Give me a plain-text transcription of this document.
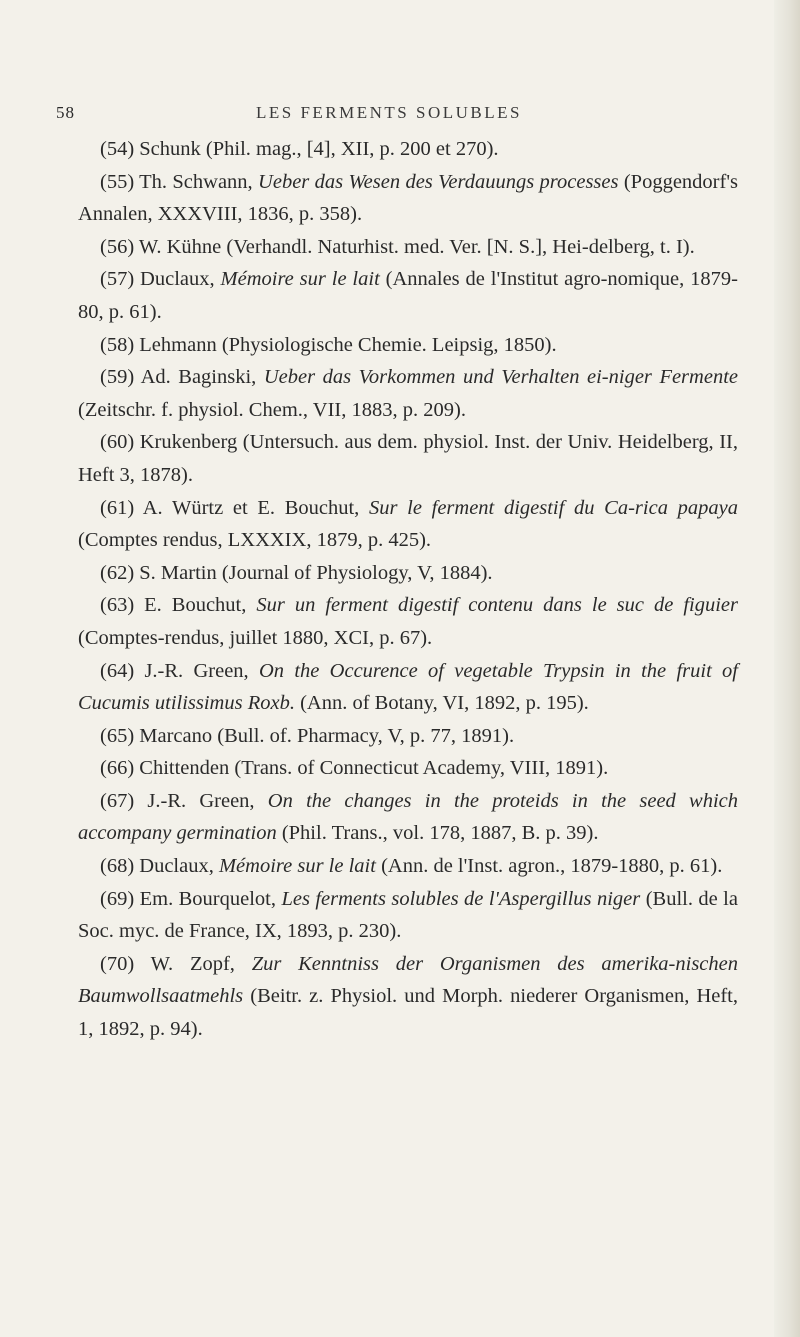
58	LES FERMENTS SOLUBLES

(54) Schunk (Phil. mag., [4], XII, p. 200 et 270).

(55) Th. Schwann, Ueber das Wesen des Verdauungs processes (Poggendorf's Annalen, XXXVIII, 1836, p. 358).

(56) W. Kühne (Verhandl. Naturhist. med. Ver. [N. S.], Hei-delberg, t. I).

(57) Duclaux, Mémoire sur le lait (Annales de l'Institut agro-nomique, 1879-80, p. 61).

(58) Lehmann (Physiologische Chemie. Leipsig, 1850).

(59) Ad. Baginski, Ueber das Vorkommen und Verhalten ei-niger Fermente (Zeitschr. f. physiol. Chem., VII, 1883, p. 209).

(60) Krukenberg (Untersuch. aus dem. physiol. Inst. der Univ. Heidelberg, II, Heft 3, 1878).

(61) A. Würtz et E. Bouchut, Sur le ferment digestif du Ca-rica papaya (Comptes rendus, LXXXIX, 1879, p. 425).

(62) S. Martin (Journal of Physiology, V, 1884).

(63) E. Bouchut, Sur un ferment digestif contenu dans le suc de figuier (Comptes-rendus, juillet 1880, XCI, p. 67).

(64) J.-R. Green, On the Occurence of vegetable Trypsin in the fruit of Cucumis utilissimus Roxb. (Ann. of Botany, VI, 1892, p. 195).

(65) Marcano (Bull. of. Pharmacy, V, p. 77, 1891).

(66) Chittenden (Trans. of Connecticut Academy, VIII, 1891).

(67) J.-R. Green, On the changes in the proteids in the seed which accompany germination (Phil. Trans., vol. 178, 1887, B. p. 39).

(68) Duclaux, Mémoire sur le lait (Ann. de l'Inst. agron., 1879-1880, p. 61).

(69) Em. Bourquelot, Les ferments solubles de l'Aspergillus niger (Bull. de la Soc. myc. de France, IX, 1893, p. 230).

(70) W. Zopf, Zur Kenntniss der Organismen des amerika-nischen Baumwollsaatmehls (Beitr. z. Physiol. und Morph. niederer Organismen, Heft, 1, 1892, p. 94).
